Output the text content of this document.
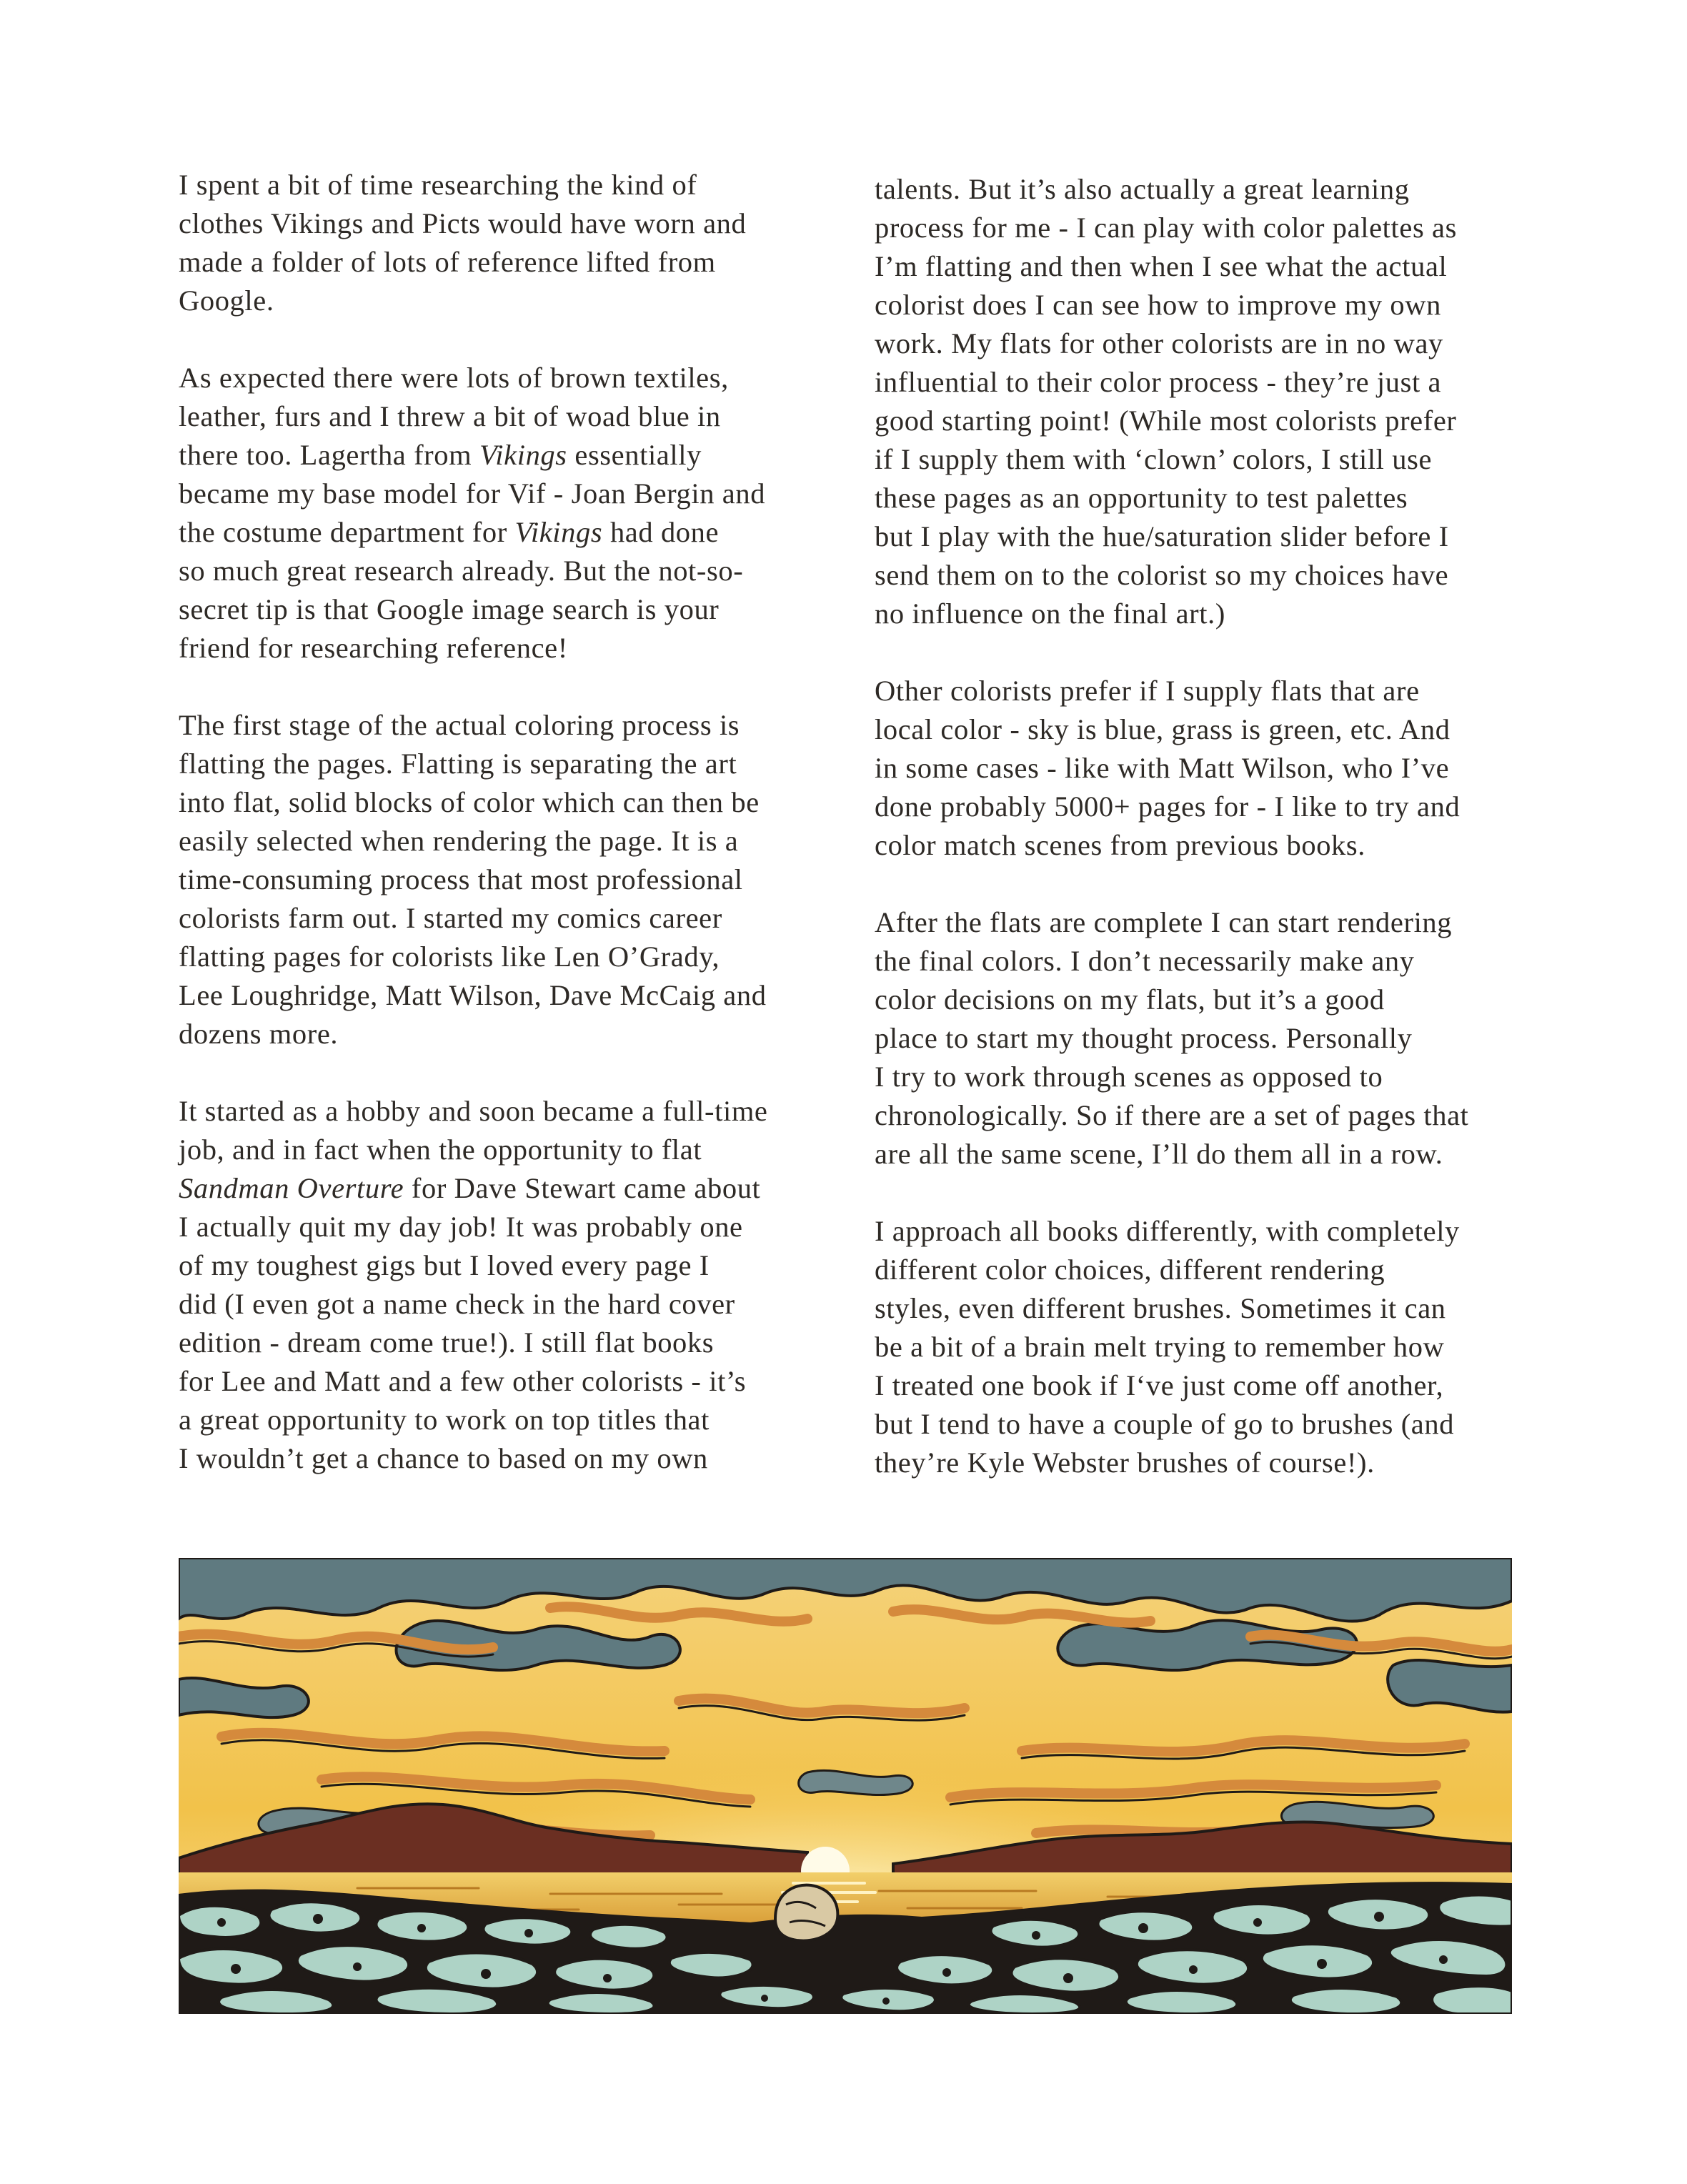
I spent a bit of time researching the kind of
clothes Vikings and Picts would have worn and
made a folder of lots of reference lifted from
Google.

As expected there were lots of brown textiles,
leather, furs and I threw a bit of woad blue in
there too. Lagertha from Vikings essentially
became my base model for Vif - Joan Bergin and
the costume department for Vikings had done
so much great research already. But the not-so-
secret tip is that Google image search is your
friend for researching reference!

The first stage of the actual coloring process is
flatting the pages. Flatting is separating the art
into flat, solid blocks of color which can then be
easily selected when rendering the page. It is a
time-consuming process that most professional
colorists farm out. I started my comics career
flatting pages for colorists like Len O’Grady,
Lee Loughridge, Matt Wilson, Dave McCaig and
dozens more.

It started as a hobby and soon became a full-time
job, and in fact when the opportunity to flat
Sandman Overture for Dave Stewart came about
I actually quit my day job! It was probably one
of my toughest gigs but I loved every page I
did (I even got a name check in the hard cover
edition - dream come true!). I still flat books
for Lee and Matt and a few other colorists - it’s
a great opportunity to work on top titles that
I wouldn’t get a chance to based on my own

talents. But it’s also actually a great learning
process for me - I can play with color palettes as
I’m flatting and then when I see what the actual
colorist does I can see how to improve my own
work. My flats for other colorists are in no way
influential to their color process - they’re just a
good starting point! (While most colorists prefer
if I supply them with ‘clown’ colors, I still use
these pages as an opportunity to test palettes
but I play with the hue/saturation slider before I
send them on to the colorist so my choices have
no influence on the final art.)

Other colorists prefer if I supply flats that are
local color - sky is blue, grass is green, etc. And
in some cases - like with Matt Wilson, who I’ve
done probably 5000+ pages for - I like to try and
color match scenes from previous books.

After the flats are complete I can start rendering
the final colors. I don’t necessarily make any
color decisions on my flats, but it’s a good
place to start my thought process. Personally
I try to work through scenes as opposed to
chronologically. So if there are a set of pages that
are all the same scene, I’ll do them all in a row.

I approach all books differently, with completely
different color choices, different rendering
styles, even different brushes. Sometimes it can
be a bit of a brain melt trying to remember how
I treated one book if I‘ve just come off another,
but I tend to have a couple of go to brushes (and
they’re Kyle Webster brushes of course!).
